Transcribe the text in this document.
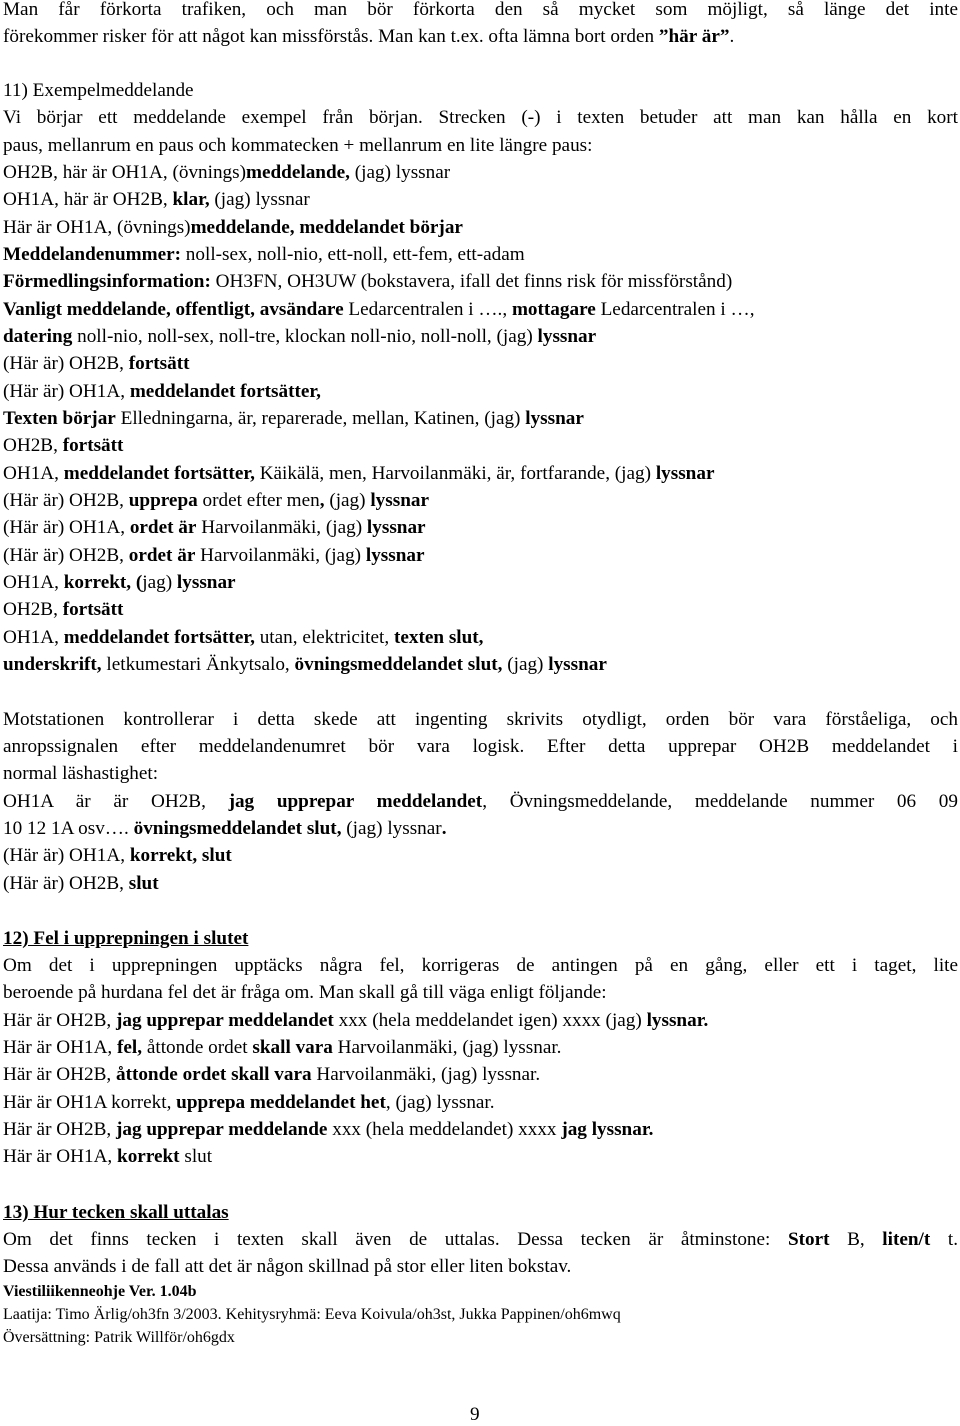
Man får förkorta trafiken, och man bör förkorta den så mycket som möjligt, så länge det inte
förekommer risker för att något kan missförstås. Man kan t.ex. ofta lämna bort orden ”här är”.
11) Exempelmeddelande
Vi börjar ett meddelande exempel från början. Strecken (-) i texten betuder att man kan hålla en kort
paus, mellanrum en paus och kommatecken + mellanrum en lite längre paus:
OH2B, här är OH1A, (övnings)meddelande, (jag) lyssnar
OH1A, här är OH2B, klar, (jag) lyssnar
Här är OH1A, (övnings)meddelande, meddelandet börjar
Meddelandenummer: noll-sex, noll-nio, ett-noll, ett-fem, ett-adam
Förmedlingsinformation: OH3FN, OH3UW (bokstavera, ifall det finns risk för missförstånd)
Vanligt meddelande, offentligt, avsändare Ledarcentralen i …., mottagare Ledarcentralen i …,
datering noll-nio, noll-sex, noll-tre, klockan noll-nio, noll-noll, (jag) lyssnar
(Här är) OH2B, fortsätt
(Här är) OH1A, meddelandet fortsätter,
Texten börjar Elledningarna, är, reparerade, mellan, Katinen, (jag) lyssnar
OH2B, fortsätt
OH1A, meddelandet fortsätter, Käikälä, men, Harvoilanmäki, är, fortfarande, (jag) lyssnar
(Här är) OH2B, upprepa ordet efter men, (jag) lyssnar
(Här är) OH1A, ordet är Harvoilanmäki, (jag) lyssnar
(Här är) OH2B, ordet är Harvoilanmäki, (jag) lyssnar
OH1A, korrekt, (jag) lyssnar
OH2B, fortsätt
OH1A, meddelandet fortsätter, utan, elektricitet, texten slut,
underskrift, letkumestari Änkytsalo, övningsmeddelandet slut, (jag) lyssnar
Motstationen kontrollerar i detta skede att ingenting skrivits otydligt, orden bör vara förståeliga, och
anropssignalen efter meddelandenumret bör vara logisk. Efter detta upprepar OH2B meddelandet i
normal läshastighet:
OH1A är är OH2B, jag upprepar meddelandet, Övningsmeddelande, meddelande nummer 06 09
10 12 1A osv…. övningsmeddelandet slut, (jag) lyssnar.
(Här är) OH1A, korrekt, slut
(Här är) OH2B, slut
12) Fel i upprepningen i slutet
Om det i upprepningen upptäcks några fel, korrigeras de antingen på en gång, eller ett i taget, lite
beroende på hurdana fel det är fråga om. Man skall gå till väga enligt följande:
Här är OH2B, jag upprepar meddelandet xxx (hela meddelandet igen) xxxx (jag) lyssnar.
Här är OH1A, fel, åttonde ordet skall vara Harvoilanmäki, (jag) lyssnar.
Här är OH2B, åttonde ordet skall vara Harvoilanmäki, (jag) lyssnar.
Här är OH1A korrekt, upprepa meddelandet het, (jag) lyssnar.
Här är OH2B, jag upprepar meddelande xxx (hela meddelandet) xxxx jag lyssnar.
Här är OH1A, korrekt slut
13) Hur tecken skall uttalas
Om det finns tecken i texten skall även de uttalas. Dessa tecken är åtminstone: Stort B, liten/t t.
Dessa används i de fall att det är någon skillnad på stor eller liten bokstav.
Viestiliikenneohje Ver. 1.04b
Laatija: Timo Ärlig/oh3fn 3/2003. Kehitysryhmä: Eeva Koivula/oh3st, Jukka Pappinen/oh6mwq
Översättning: Patrik Willför/oh6gdx
9
